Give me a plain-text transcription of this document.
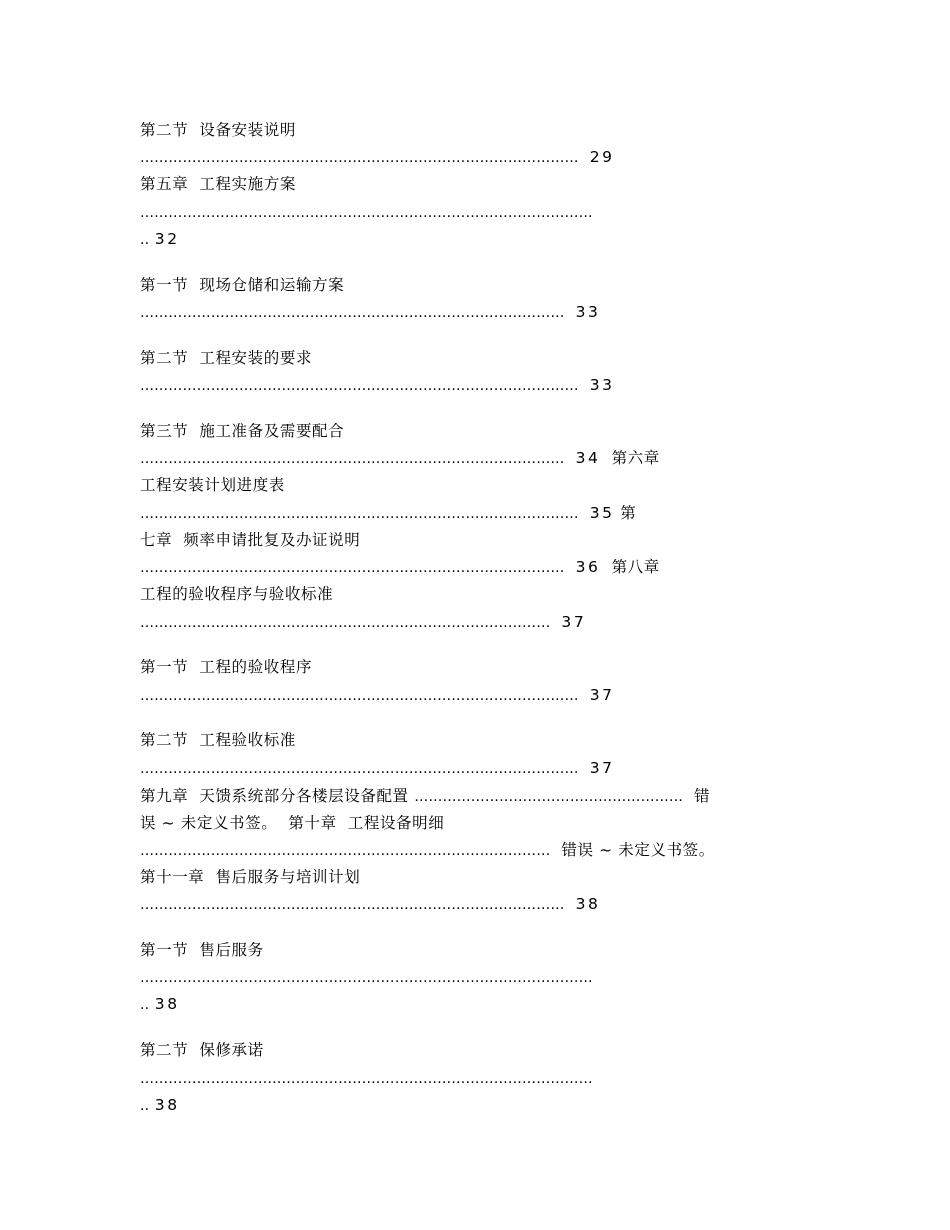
第二节  设备安装说明
………………………………………………………………………………… 29
第五章  工程实施方案
……………………………………………………………………………………
.. 32
第一节  现场仓储和运输方案
……………………………………………………………………………… 33
第二节  工程安装的要求
………………………………………………………………………………… 33
第三节  施工准备及需要配合
……………………………………………………………………………… 34 第六章
工程安装计划进度表
………………………………………………………………………………… 35 第
七章  频率申请批复及办证说明
……………………………………………………………………………… 36 第八章
工程的验收程序与验收标准
…………………………………………………………………………… 37
第一节  工程的验收程序
………………………………………………………………………………… 37
第二节  工程验收标准
………………………………………………………………………………… 37
第九章  天馈系统部分各楼层设备配置 ………………………………………………… 错
误 ~ 未定义书签。 第十章  工程设备明细
…………………………………………………………………………… 错误 ~ 未定义书签。
第十一章  售后服务与培训计划
……………………………………………………………………………… 38
第一节  售后服务
……………………………………………………………………………………
.. 38
第二节  保修承诺
……………………………………………………………………………………
.. 38
